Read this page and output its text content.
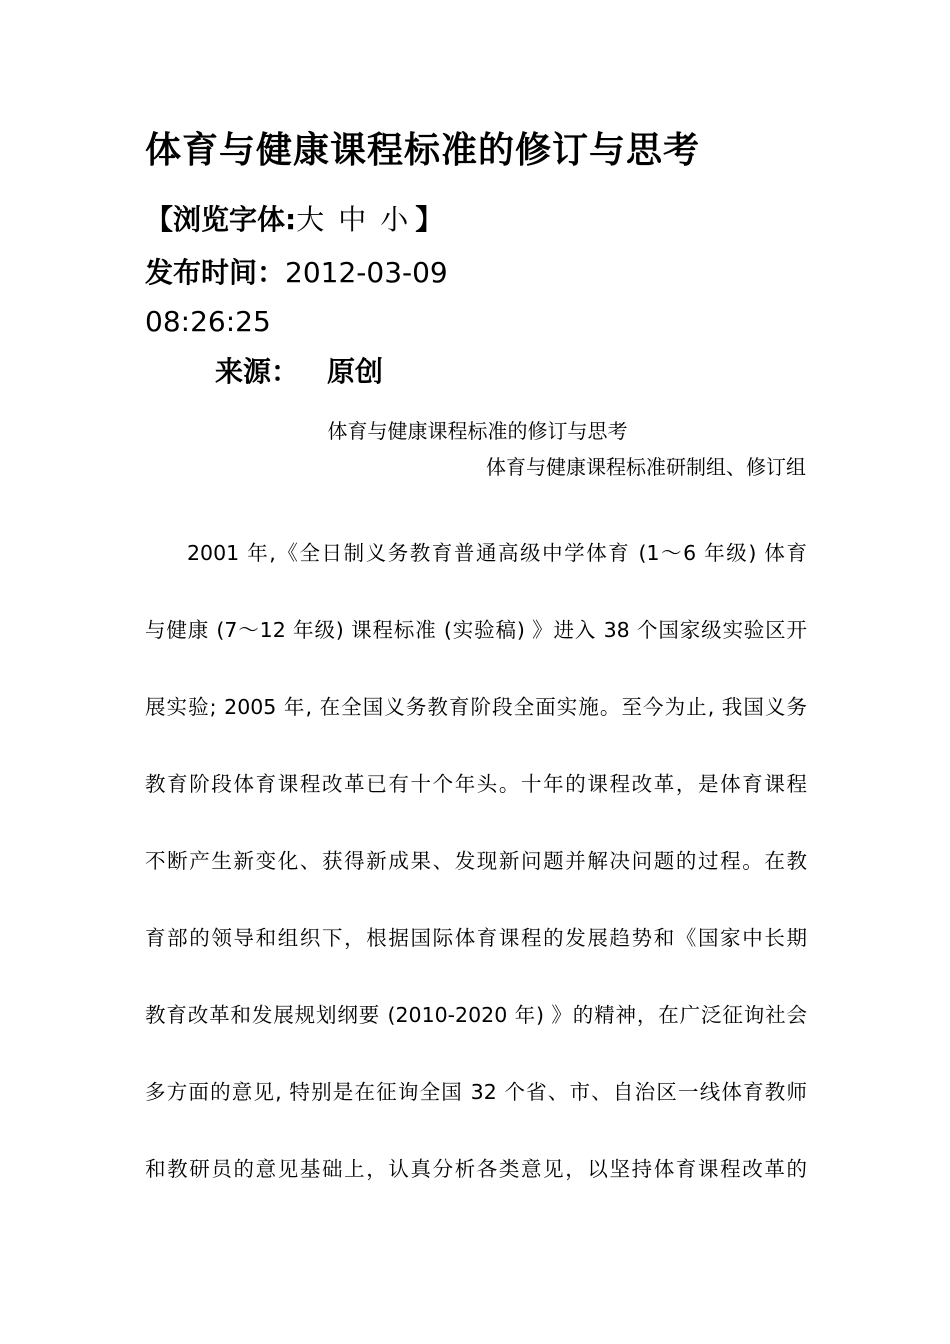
体育与健康课程标准的修订与思考
【浏览字体:大 中 小 】
发布时间：2012-03-09
08:26:25
来源： 原创
体育与健康课程标准的修订与思考
体育与健康课程标准研制组、修订组
2001 年,《全日制义务教育普通高级中学体育 (1～6 年级) 体育
与健康 (7～12 年级) 课程标准 (实验稿) 》进入 38 个国家级实验区开
展实验; 2005 年, 在全国义务教育阶段全面实施。至今为止, 我国义务
教育阶段体育课程改革已有十个年头。十年的课程改革，是体育课程
不断产生新变化、获得新成果、发现新问题并解决问题的过程。在教
育部的领导和组织下，根据国际体育课程的发展趋势和《国家中长期
教育改革和发展规划纲要 (2010-2020 年) 》的精神，在广泛征询社会
多方面的意见, 特别是在征询全国 32 个省、市、自治区一线体育教师
和教研员的意见基础上，认真分析各类意见，以坚持体育课程改革的
